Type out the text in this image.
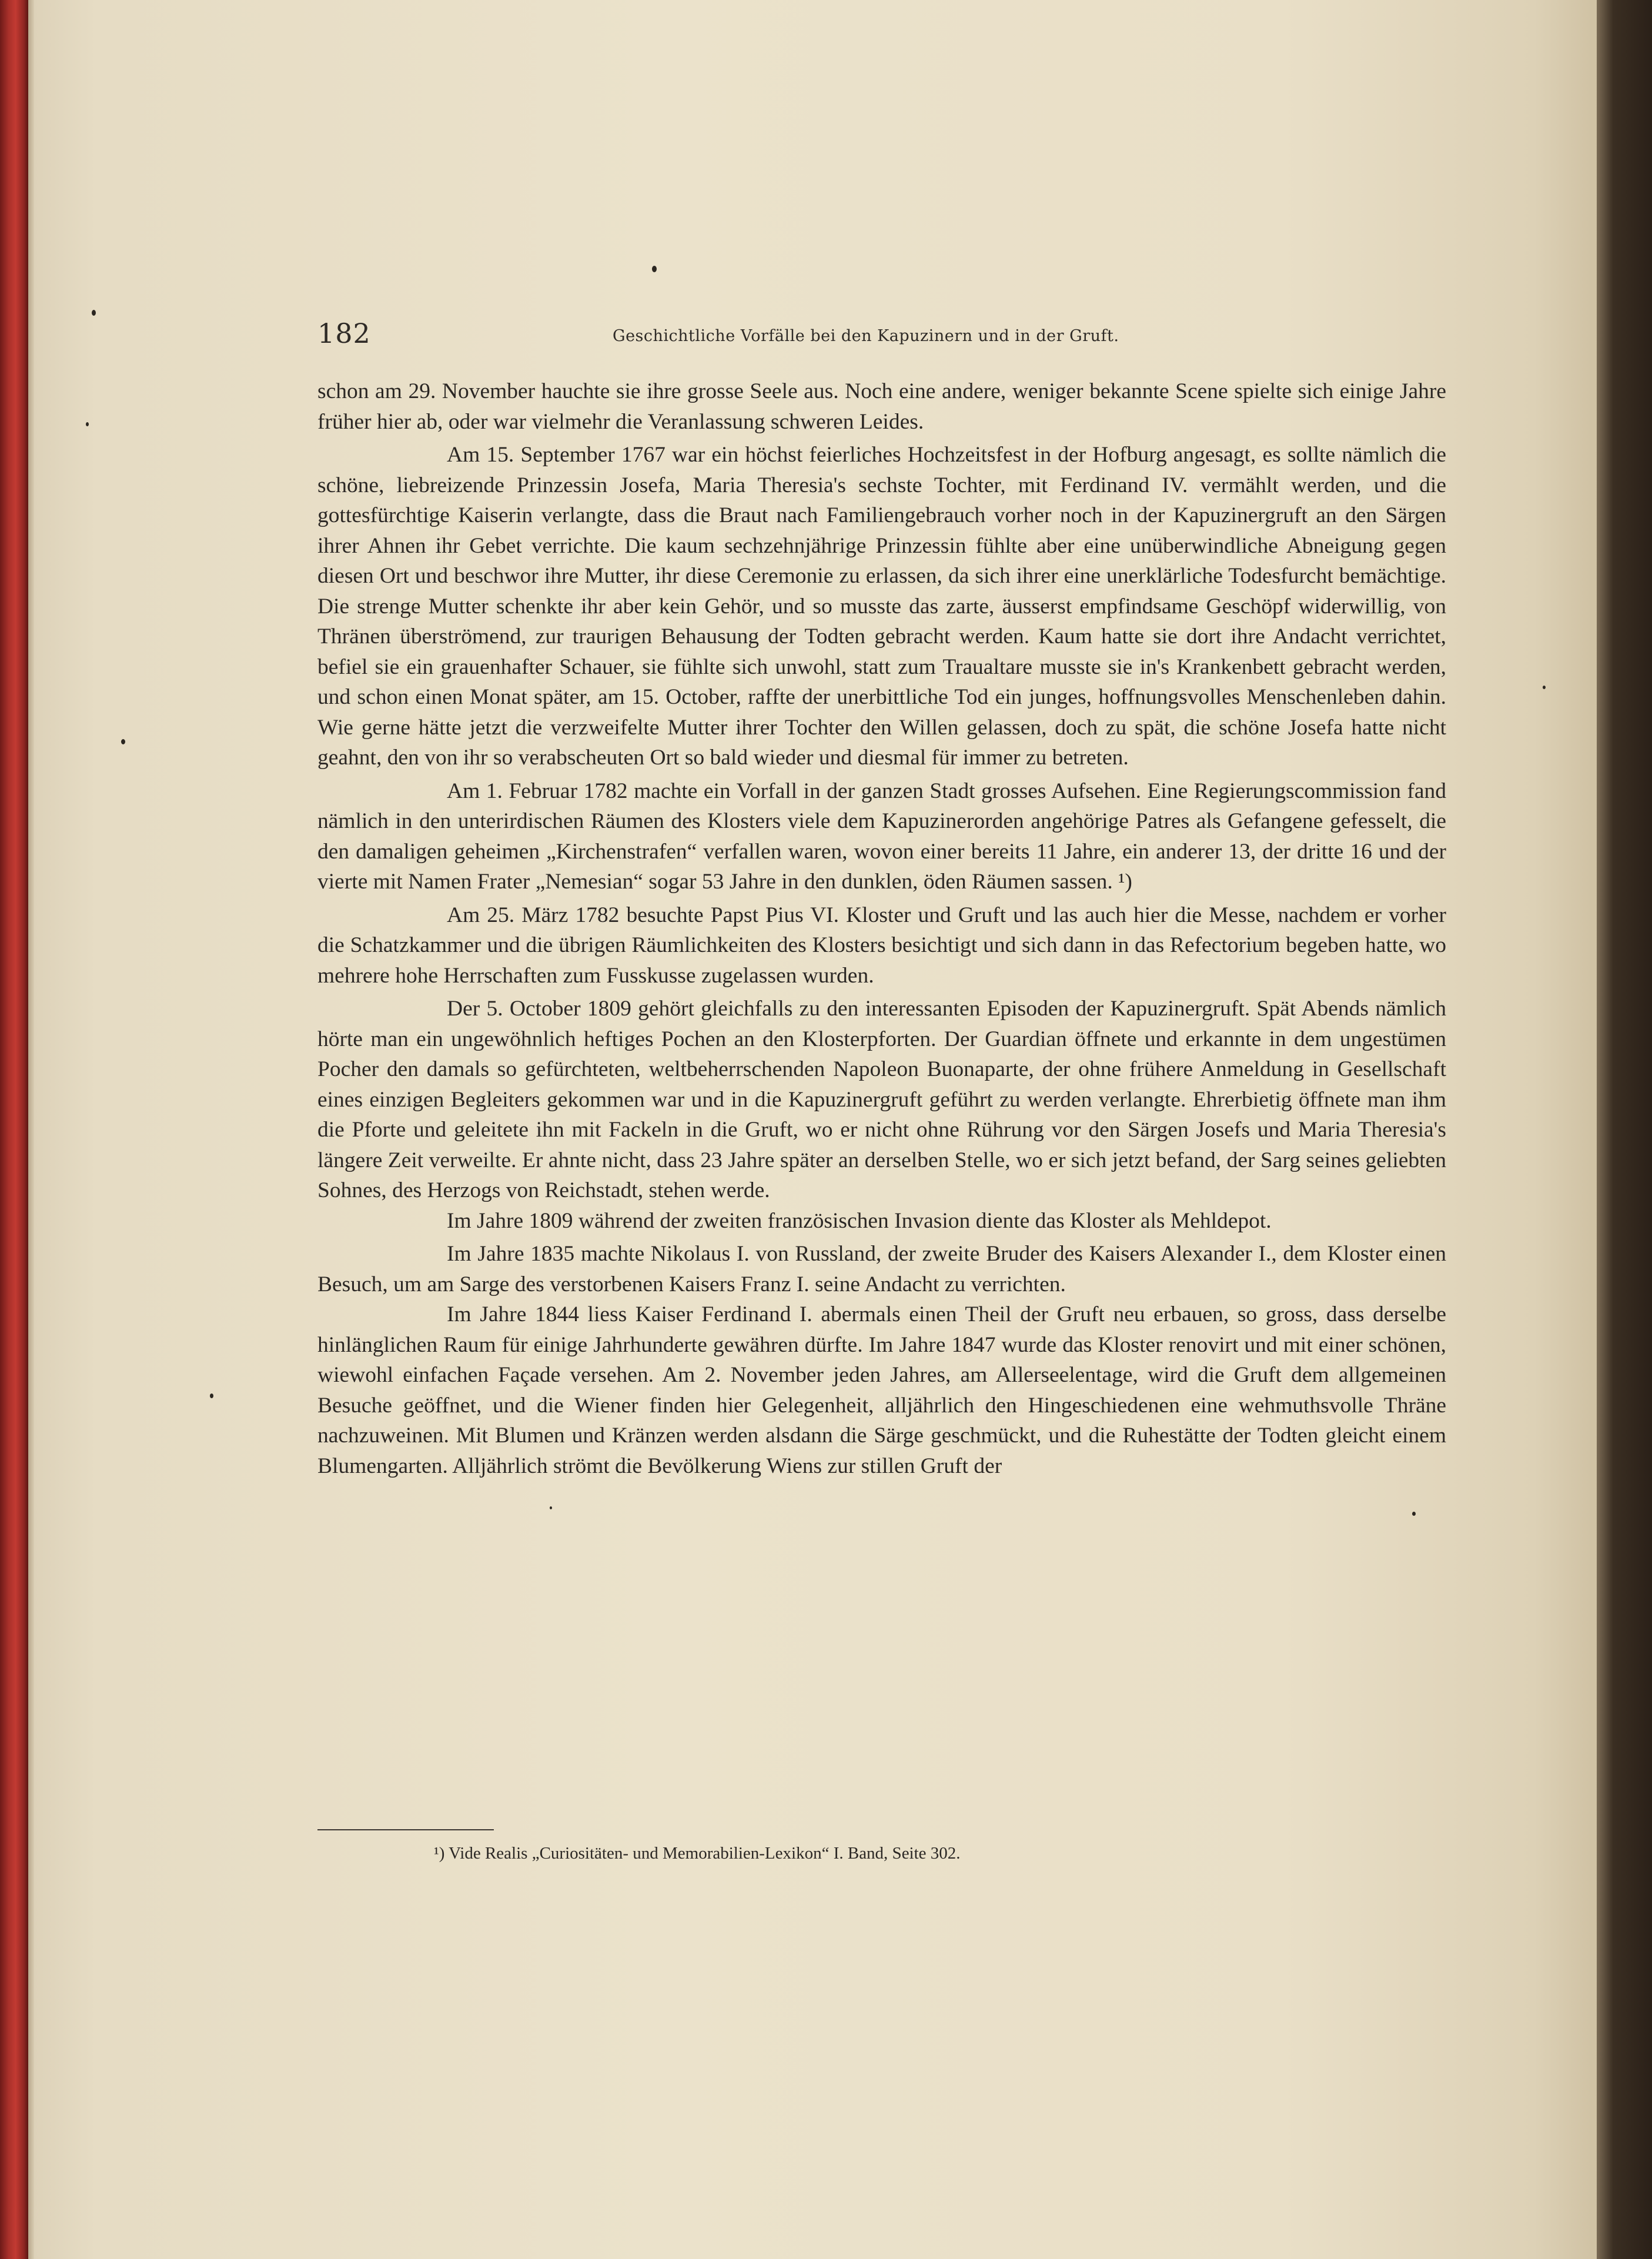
182	Geschichtliche Vorfälle bei den Kapuzinern und in der Gruft.

schon am 29. November hauchte sie ihre grosse Seele aus. Noch eine andere, weniger bekannte Scene spielte sich einige Jahre früher hier ab, oder war vielmehr die Veranlassung schweren Leides.

Am 15. September 1767 war ein höchst feierliches Hochzeitsfest in der Hofburg angesagt, es sollte nämlich die schöne, liebreizende Prinzessin Josefa, Maria Theresia's sechste Tochter, mit Ferdinand IV. vermählt werden, und die gottesfürchtige Kaiserin verlangte, dass die Braut nach Familiengebrauch vorher noch in der Kapuzinergruft an den Särgen ihrer Ahnen ihr Gebet verrichte. Die kaum sechzehnjährige Prinzessin fühlte aber eine unüberwindliche Abneigung gegen diesen Ort und beschwor ihre Mutter, ihr diese Ceremonie zu erlassen, da sich ihrer eine unerklärliche Todesfurcht bemächtige. Die strenge Mutter schenkte ihr aber kein Gehör, und so musste das zarte, äusserst empfindsame Geschöpf widerwillig, von Thränen überströmend, zur traurigen Behausung der Todten gebracht werden. Kaum hatte sie dort ihre Andacht verrichtet, befiel sie ein grauenhafter Schauer, sie fühlte sich unwohl, statt zum Traualtare musste sie in's Krankenbett gebracht werden, und schon einen Monat später, am 15. October, raffte der unerbittliche Tod ein junges, hoffnungsvolles Menschenleben dahin. Wie gerne hätte jetzt die verzweifelte Mutter ihrer Tochter den Willen gelassen, doch zu spät, die schöne Josefa hatte nicht geahnt, den von ihr so verabscheuten Ort so bald wieder und diesmal für immer zu betreten.

Am 1. Februar 1782 machte ein Vorfall in der ganzen Stadt grosses Aufsehen. Eine Regierungscommission fand nämlich in den unterirdischen Räumen des Klosters viele dem Kapuzinerorden angehörige Patres als Gefangene gefesselt, die den damaligen geheimen „Kirchenstrafen“ verfallen waren, wovon einer bereits 11 Jahre, ein anderer 13, der dritte 16 und der vierte mit Namen Frater „Nemesian“ sogar 53 Jahre in den dunklen, öden Räumen sassen. ¹)

Am 25. März 1782 besuchte Papst Pius VI. Kloster und Gruft und las auch hier die Messe, nachdem er vorher die Schatzkammer und die übrigen Räumlichkeiten des Klosters besichtigt und sich dann in das Refectorium begeben hatte, wo mehrere hohe Herrschaften zum Fusskusse zugelassen wurden.

Der 5. October 1809 gehört gleichfalls zu den interessanten Episoden der Kapuzinergruft. Spät Abends nämlich hörte man ein ungewöhnlich heftiges Pochen an den Klosterpforten. Der Guardian öffnete und erkannte in dem ungestümen Pocher den damals so gefürchteten, weltbeherrschenden Napoleon Buonaparte, der ohne frühere Anmeldung in Gesellschaft eines einzigen Begleiters gekommen war und in die Kapuzinergruft geführt zu werden verlangte. Ehrerbietig öffnete man ihm die Pforte und geleitete ihn mit Fackeln in die Gruft, wo er nicht ohne Rührung vor den Särgen Josefs und Maria Theresia's längere Zeit verweilte. Er ahnte nicht, dass 23 Jahre später an derselben Stelle, wo er sich jetzt befand, der Sarg seines geliebten Sohnes, des Herzogs von Reichstadt, stehen werde.

Im Jahre 1809 während der zweiten französischen Invasion diente das Kloster als Mehldepot.

Im Jahre 1835 machte Nikolaus I. von Russland, der zweite Bruder des Kaisers Alexander I., dem Kloster einen Besuch, um am Sarge des verstorbenen Kaisers Franz I. seine Andacht zu verrichten.

Im Jahre 1844 liess Kaiser Ferdinand I. abermals einen Theil der Gruft neu erbauen, so gross, dass derselbe hinlänglichen Raum für einige Jahrhunderte gewähren dürfte. Im Jahre 1847 wurde das Kloster renovirt und mit einer schönen, wiewohl einfachen Façade versehen. Am 2. November jeden Jahres, am Allerseelentage, wird die Gruft dem allgemeinen Besuche geöffnet, und die Wiener finden hier Gelegenheit, alljährlich den Hingeschiedenen eine wehmuthsvolle Thräne nachzuweinen. Mit Blumen und Kränzen werden alsdann die Särge geschmückt, und die Ruhestätte der Todten gleicht einem Blumengarten. Alljährlich strömt die Bevölkerung Wiens zur stillen Gruft der

¹) Vide Realis „Curiositäten- und Memorabilien-Lexikon“ I. Band, Seite 302.
